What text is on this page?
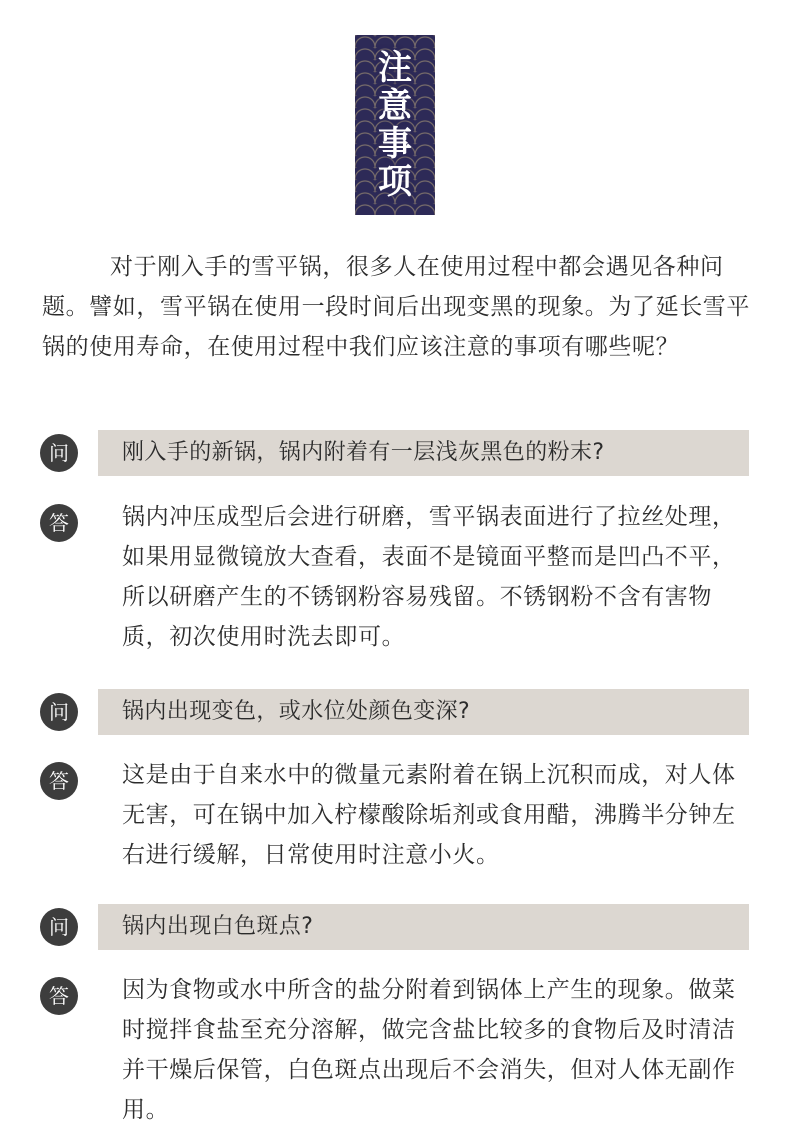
注
意
事
项

对于刚入手的雪平锅，很多人在使用过程中都会遇见各种问题。譬如，雪平锅在使用一段时间后出现变黑的现象。为了延长雪平锅的使用寿命，在使用过程中我们应该注意的事项有哪些呢？

问	刚入手的新锅，锅内附着有一层浅灰黑色的粉末?
答	锅内冲压成型后会进行研磨，雪平锅表面进行了拉丝处理，如果用显微镜放大查看，表面不是镜面平整而是凹凸不平，所以研磨产生的不锈钢粉容易残留。不锈钢粉不含有害物质，初次使用时洗去即可。

问	锅内出现变色，或水位处颜色变深?
答	这是由于自来水中的微量元素附着在锅上沉积而成，对人体无害，可在锅中加入柠檬酸除垢剂或食用醋，沸腾半分钟左右进行缓解，日常使用时注意小火。

问	锅内出现白色斑点?
答	因为食物或水中所含的盐分附着到锅体上产生的现象。做菜时搅拌食盐至充分溶解，做完含盐比较多的食物后及时清洁并干燥后保管，白色斑点出现后不会消失，但对人体无副作用。
